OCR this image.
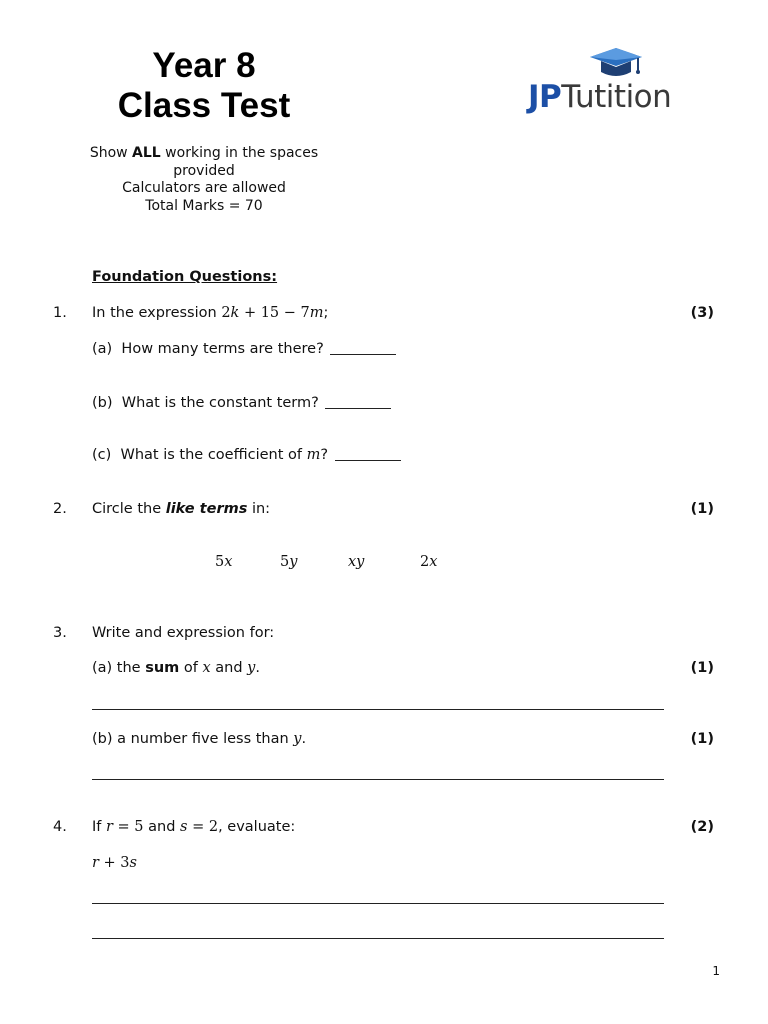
Year 8
Class Test
Show ALL working in the spaces
provided
Calculators are allowed
Total Marks = 70
JPTutition
Foundation Questions:
1. In the expression 2k + 15 − 7m;	(3)
(a) How many terms are there?
(b) What is the constant term?
(c) What is the coefficient of m?
2. Circle the like terms in:	(1)
5x	5y	xy	2x
3. Write and expression for:
(a) the sum of x and y.	(1)
(b) a number five less than y.	(1)
4. If r = 5 and s = 2, evaluate:	(2)
r + 3s
1
